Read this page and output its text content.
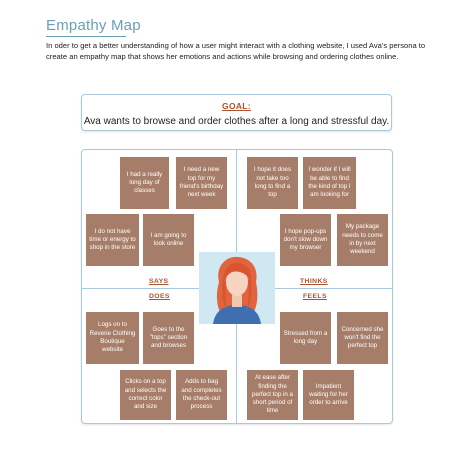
Empathy Map
In oder to get a better understanding of how a user might interact with a clothing website, I used Ava's persona to create an empathy map that shows her emotions and actions while browsing and ordering clothes online.
GOAL:
Ava wants to browse and order clothes after a long and stressful day.
I had a really long day of classes
I need a new top for my friend's birthday next week
I do not have time or energy to shop in the store
I am going to look online
SAYS
I hope it does not take too long to find a top
I wonder if I will be able to find the kind of top I am looking for
I hope pop-ups don't slow down my browser
My package needs to come in by next weekend
THINKS
DOES
Logs on to Reverie Clothing Boutique website
Goes to the "tops" section and browses
Clicks on a top and selects the correct color and size
Adds to bag and completes the check-out process
FEELS
Stressed from a long day
Concerned she won't find the perfect top
At ease after finding the perfect top in a short period of time
Impatient waiting for her order to arrive
